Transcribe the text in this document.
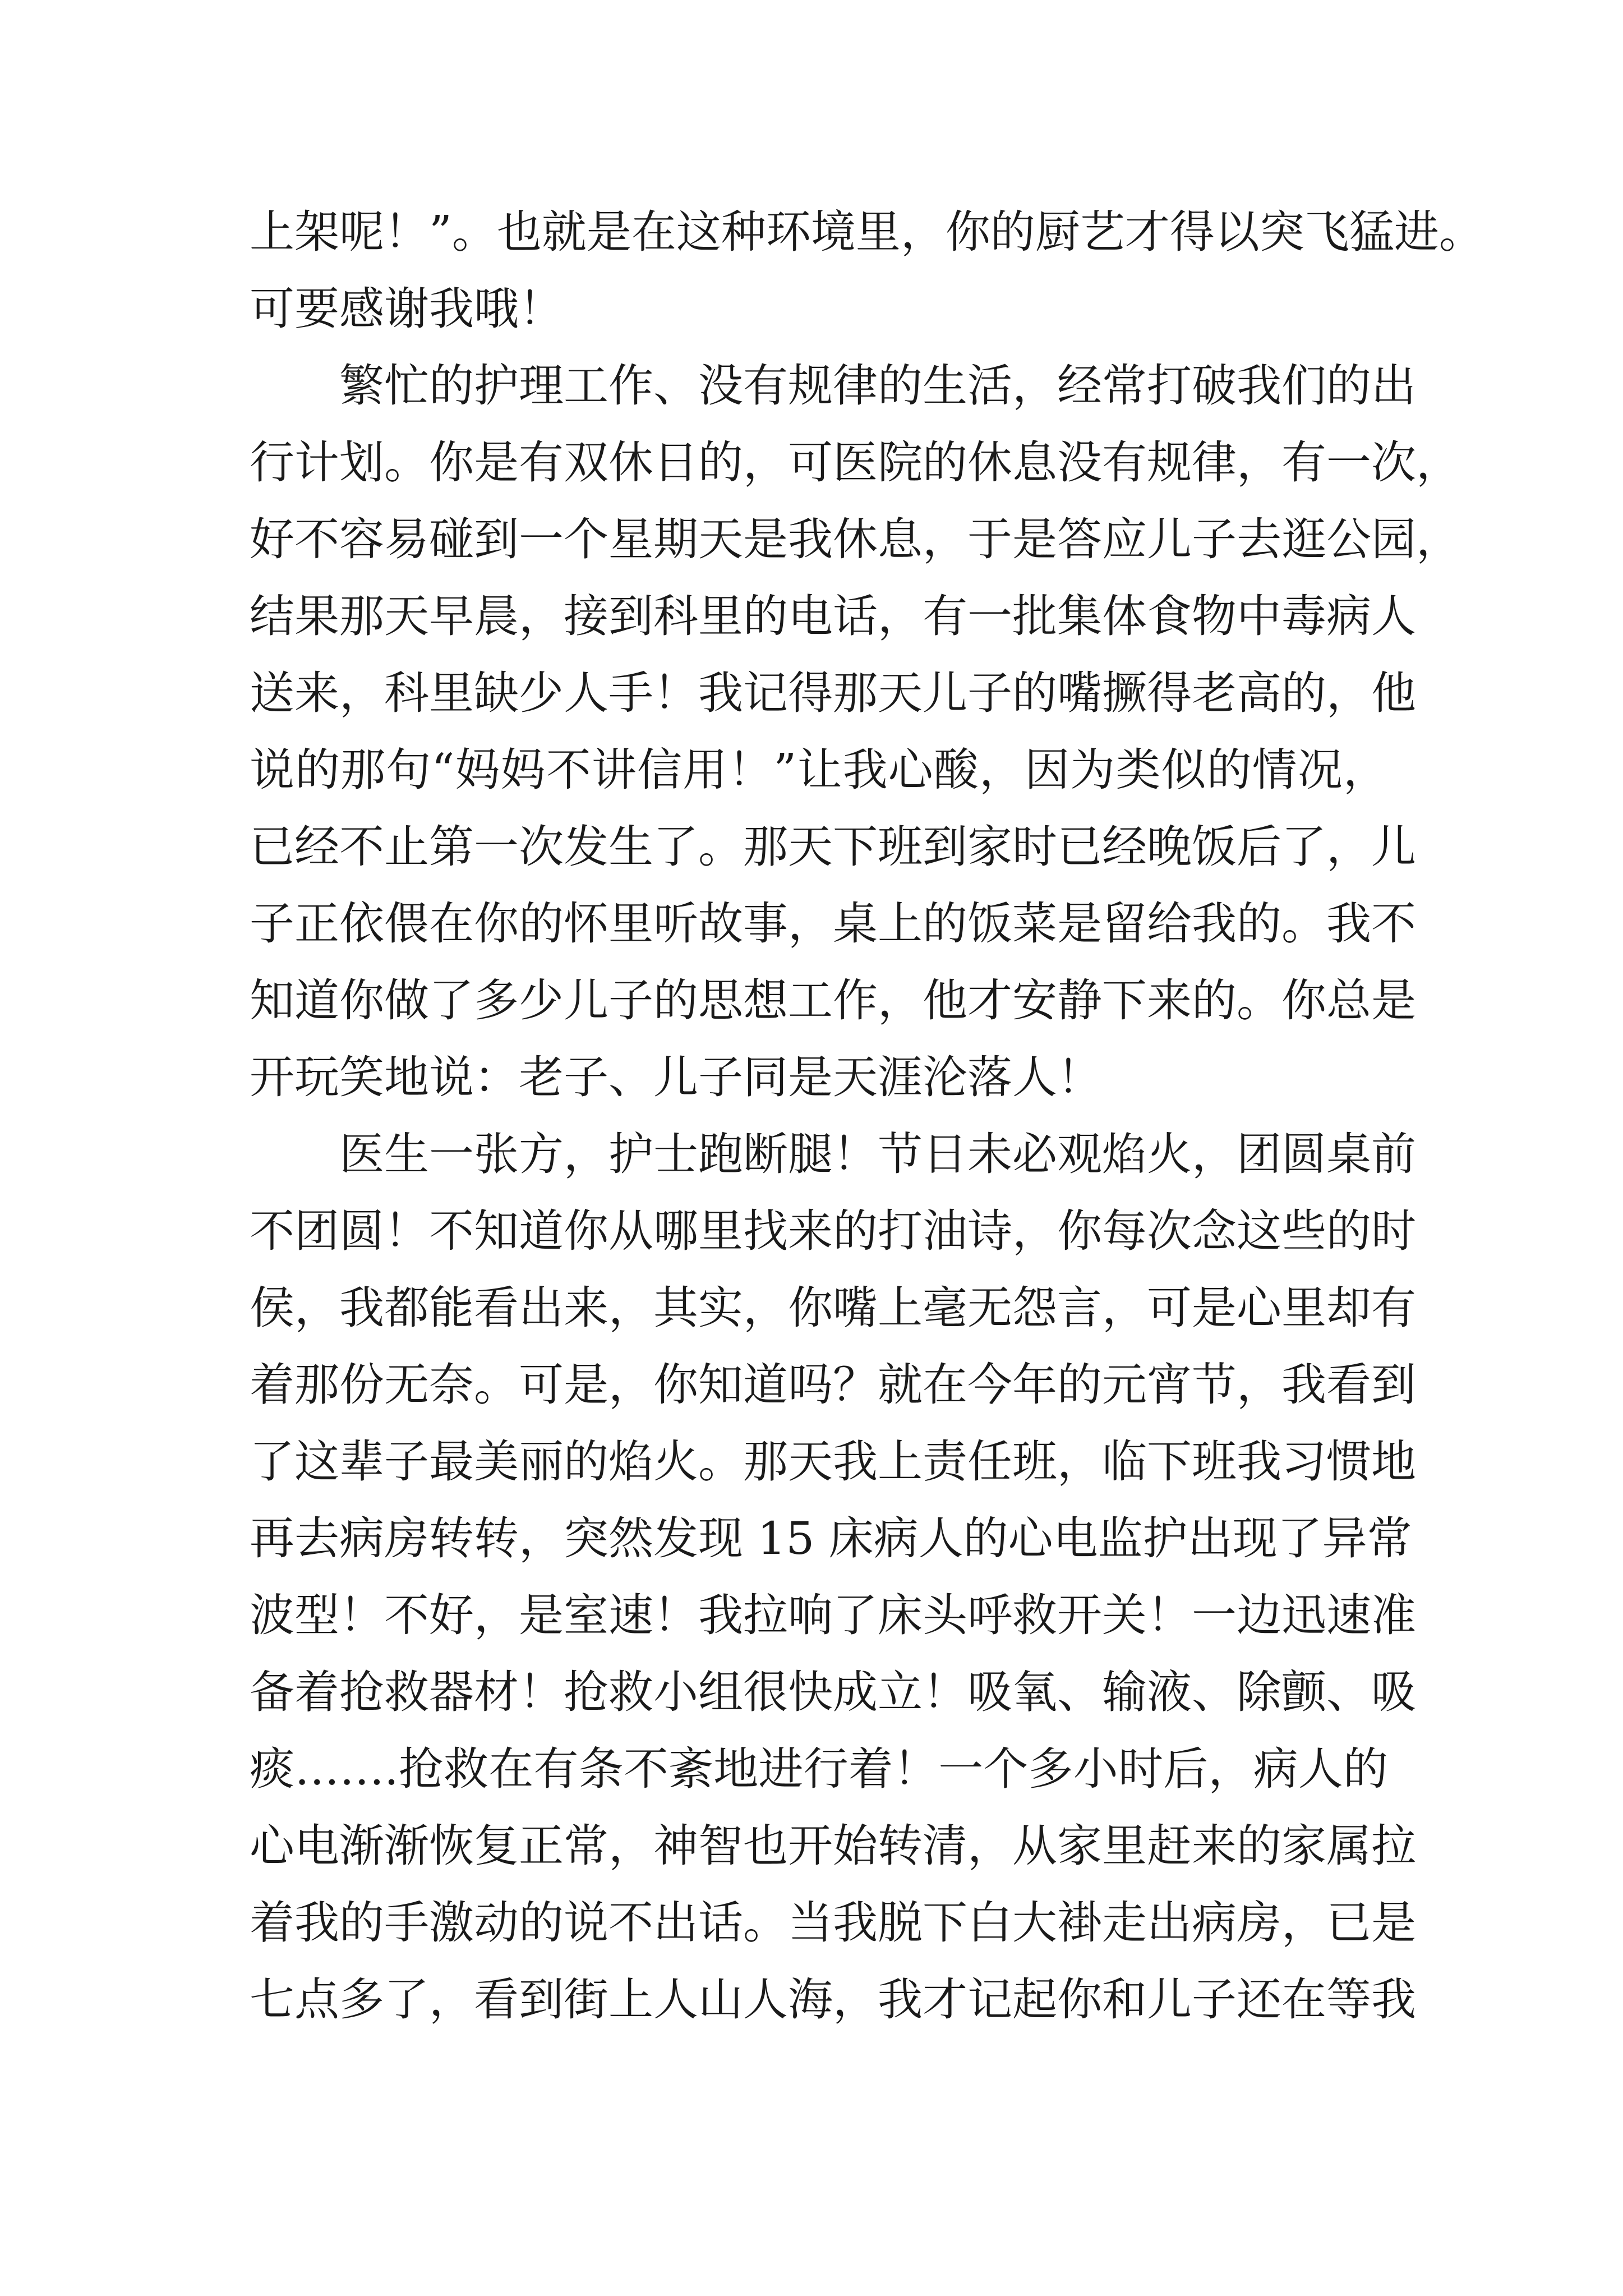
上架呢！”。也就是在这种环境里，你的厨艺才得以突飞猛进。
可要感谢我哦！
繁忙的护理工作、没有规律的生活，经常打破我们的出
行计划。你是有双休日的，可医院的休息没有规律，有一次，
好不容易碰到一个星期天是我休息，于是答应儿子去逛公园，
结果那天早晨，接到科里的电话，有一批集体食物中毒病人
送来，科里缺少人手！我记得那天儿子的嘴撅得老高的，他
说的那句“妈妈不讲信用！”让我心酸，因为类似的情况，
已经不止第一次发生了。那天下班到家时已经晚饭后了，儿
子正依偎在你的怀里听故事，桌上的饭菜是留给我的。我不
知道你做了多少儿子的思想工作，他才安静下来的。你总是
开玩笑地说：老子、儿子同是天涯沦落人！
医生一张方，护士跑断腿！节日未必观焰火，团圆桌前
不团圆！不知道你从哪里找来的打油诗，你每次念这些的时
侯，我都能看出来，其实，你嘴上毫无怨言，可是心里却有
着那份无奈。可是，你知道吗？就在今年的元宵节，我看到
了这辈子最美丽的焰火。那天我上责任班，临下班我习惯地
再去病房转转，突然发现 15 床病人的心电监护出现了异常
波型！不好，是室速！我拉响了床头呼救开关！一边迅速准
备着抢救器材！抢救小组很快成立！吸氧、输液、除颤、吸
痰…….抢救在有条不紊地进行着！一个多小时后，病人的
心电渐渐恢复正常，神智也开始转清，从家里赶来的家属拉
着我的手激动的说不出话。当我脱下白大褂走出病房，已是
七点多了，看到街上人山人海，我才记起你和儿子还在等我
